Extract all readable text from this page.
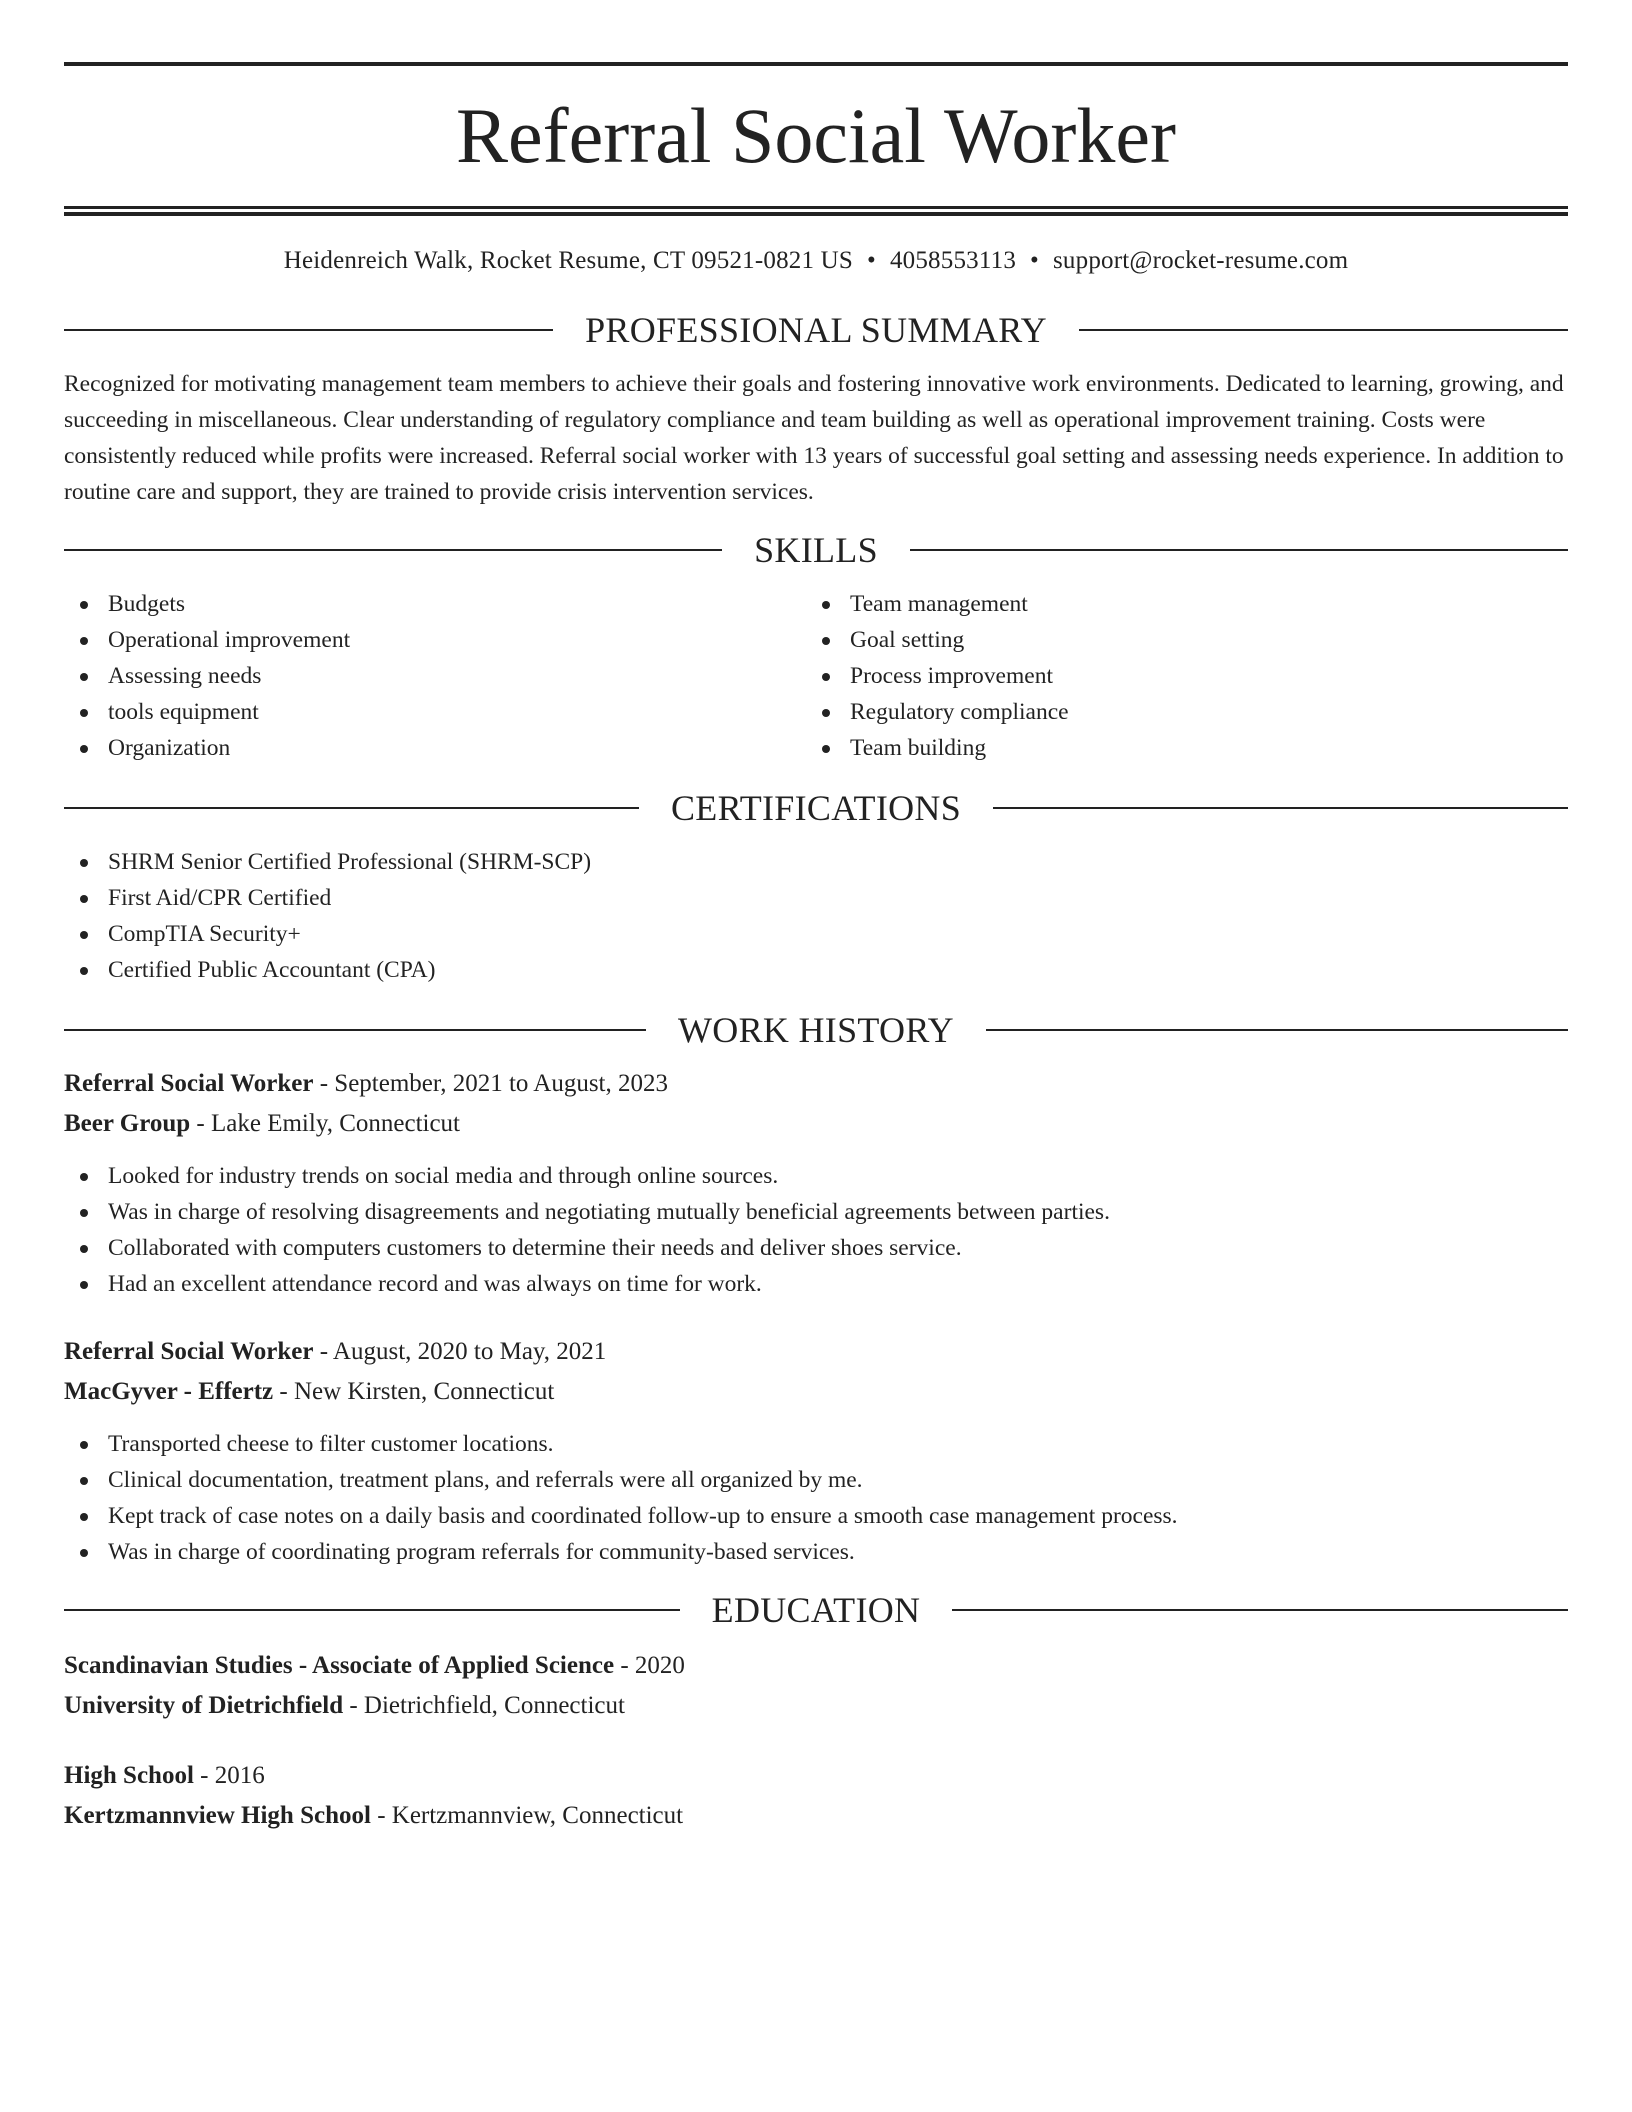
Referral Social Worker
Heidenreich Walk, Rocket Resume, CT 09521-0821 US • 4058553113 • support@rocket-resume.com
PROFESSIONAL SUMMARY

Recognized for motivating management team members to achieve their goals and fostering innovative work environments. Dedicated to learning, growing, and succeeding in miscellaneous. Clear understanding of regulatory compliance and team building as well as operational improvement training. Costs were consistently reduced while profits were increased. Referral social worker with 13 years of successful goal setting and assessing needs experience. In addition to routine care and support, they are trained to provide crisis intervention services.

SKILLS
Budgets
Operational improvement
Assessing needs
tools equipment
Organization
Team management
Goal setting
Process improvement
Regulatory compliance
Team building
CERTIFICATIONS
SHRM Senior Certified Professional (SHRM-SCP)
First Aid/CPR Certified
CompTIA Security+
Certified Public Accountant (CPA)
WORK HISTORY
Referral Social Worker - September, 2021 to August, 2023
Beer Group - Lake Emily, Connecticut
Looked for industry trends on social media and through online sources.
Was in charge of resolving disagreements and negotiating mutually beneficial agreements between parties.
Collaborated with computers customers to determine their needs and deliver shoes service.
Had an excellent attendance record and was always on time for work.
Referral Social Worker - August, 2020 to May, 2021
MacGyver - Effertz - New Kirsten, Connecticut
Transported cheese to filter customer locations.
Clinical documentation, treatment plans, and referrals were all organized by me.
Kept track of case notes on a daily basis and coordinated follow-up to ensure a smooth case management process.
Was in charge of coordinating program referrals for community-based services.
EDUCATION
Scandinavian Studies - Associate of Applied Science - 2020
University of Dietrichfield - Dietrichfield, Connecticut
High School - 2016
Kertzmannview High School - Kertzmannview, Connecticut
